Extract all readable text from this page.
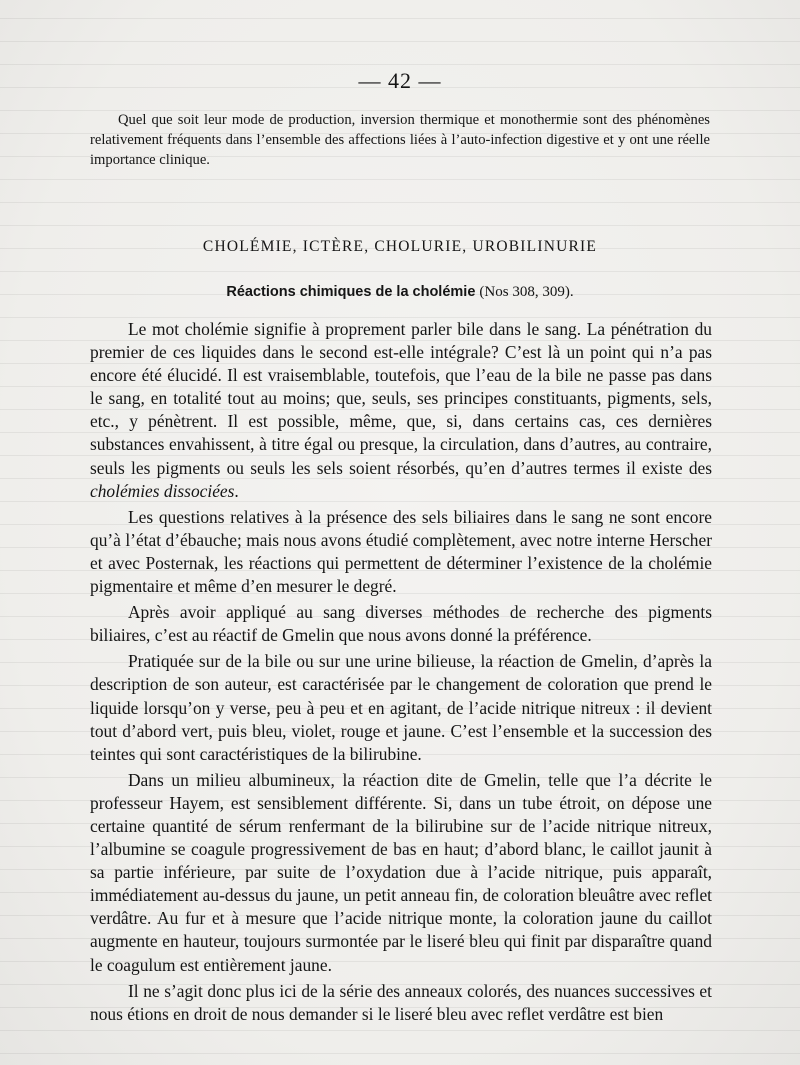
— 42 —

Quel que soit leur mode de production, inversion thermique et monothermie sont des phénomènes relativement fréquents dans l’ensemble des affections liées à l’auto-infection digestive et y ont une réelle importance clinique.

CHOLÉMIE, ICTÈRE, CHOLURIE, UROBILINURIE
Réactions chimiques de la cholémie (Nos 308, 309).

Le mot cholémie signifie à proprement parler bile dans le sang. La pénétration du premier de ces liquides dans le second est-elle intégrale? C’est là un point qui n’a pas encore été élucidé. Il est vraisemblable, toutefois, que l’eau de la bile ne passe pas dans le sang, en totalité tout au moins; que, seuls, ses principes constituants, pigments, sels, etc., y pénètrent. Il est possible, même, que, si, dans certains cas, ces dernières substances envahissent, à titre égal ou presque, la circulation, dans d’autres, au contraire, seuls les pigments ou seuls les sels soient résorbés, qu’en d’autres termes il existe des cholémies dissociées.

Les questions relatives à la présence des sels biliaires dans le sang ne sont encore qu’à l’état d’ébauche; mais nous avons étudié complètement, avec notre interne Herscher et avec Posternak, les réactions qui permettent de déterminer l’existence de la cholémie pigmentaire et même d’en mesurer le degré.

Après avoir appliqué au sang diverses méthodes de recherche des pigments biliaires, c’est au réactif de Gmelin que nous avons donné la préférence.

Pratiquée sur de la bile ou sur une urine bilieuse, la réaction de Gmelin, d’après la description de son auteur, est caractérisée par le changement de coloration que prend le liquide lorsqu’on y verse, peu à peu et en agitant, de l’acide nitrique nitreux : il devient tout d’abord vert, puis bleu, violet, rouge et jaune. C’est l’ensemble et la succession des teintes qui sont caractéristiques de la bilirubine.

Dans un milieu albumineux, la réaction dite de Gmelin, telle que l’a décrite le professeur Hayem, est sensiblement différente. Si, dans un tube étroit, on dépose une certaine quantité de sérum renfermant de la bilirubine sur de l’acide nitrique nitreux, l’albumine se coagule progressivement de bas en haut; d’abord blanc, le caillot jaunit à sa partie inférieure, par suite de l’oxydation due à l’acide nitrique, puis apparaît, immédiatement au-dessus du jaune, un petit anneau fin, de coloration bleuâtre avec reflet verdâtre. Au fur et à mesure que l’acide nitrique monte, la coloration jaune du caillot augmente en hauteur, toujours surmontée par le liseré bleu qui finit par disparaître quand le coagulum est entièrement jaune.

Il ne s’agit donc plus ici de la série des anneaux colorés, des nuances successives et nous étions en droit de nous demander si le liseré bleu avec reflet verdâtre est bien
